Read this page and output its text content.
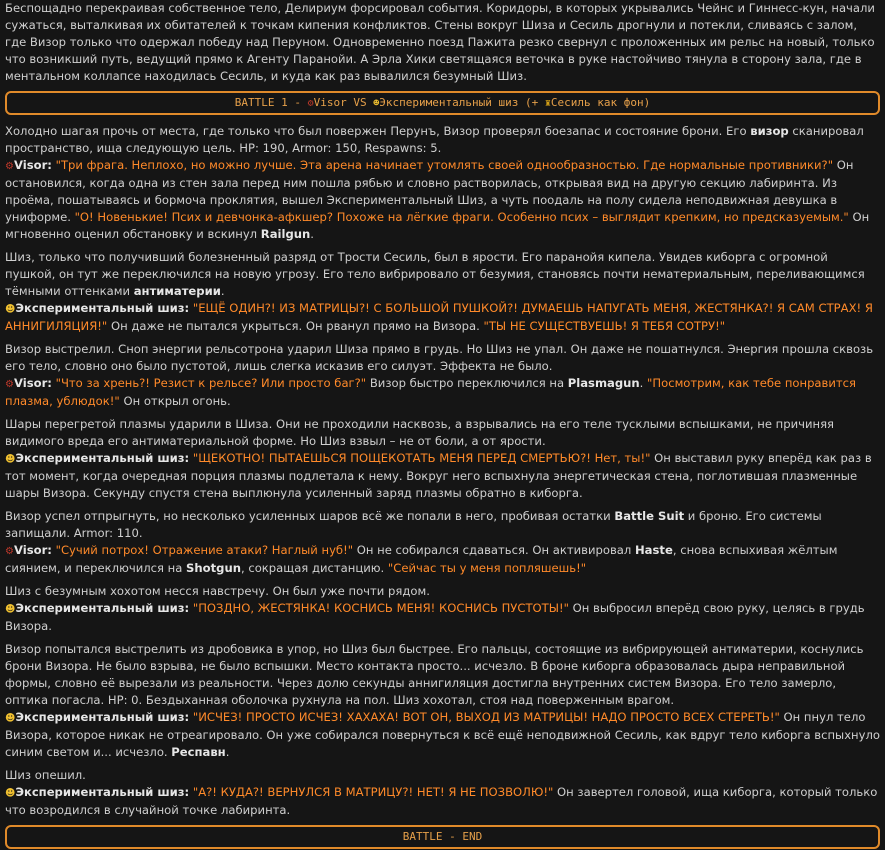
Беспощадно перекраивая собственное тело, Делириум форсировал события. Коридоры, в которых укрывались Чейнс и Гиннесс-кун, начали сужаться, выталкивая их обитателей к точкам кипения конфликтов. Стены вокруг Шиза и Сесиль дрогнули и потекли, сливаясь с залом, где Визор только что одержал победу над Перуном. Одновременно поезд Пажита резко свернул с проложенных им рельс на новый, только что возникший путь, ведущий прямо к Агенту Паранойи. А Эрла Хики светящаяся веточка в руке настойчиво тянула в сторону зала, где в ментальном коллапсе находилась Сесиль, и куда как раз вывалился безумный Шиз.

BATTLE 1 - ⚙Visor VS ☻Экспериментальный шиз (+ ♜Сесиль как фон)

Холодно шагая прочь от места, где только что был повержен Перунъ, Визор проверял боезапас и состояние брони. Его визор сканировал пространство, ища следующую цель. HP: 190, Armor: 150, Respawns: 5.
⚙Visor: "Три фрага. Неплохо, но можно лучше. Эта арена начинает утомлять своей однообразностью. Где нормальные противники?" Он остановился, когда одна из стен зала перед ним пошла рябью и словно растворилась, открывая вид на другую секцию лабиринта. Из проёма, пошатываясь и бормоча проклятия, вышел Экспериментальный Шиз, а чуть поодаль на полу сидела неподвижная девушка в униформе. "О! Новенькие! Псих и девчонка-афкшер? Похоже на лёгкие фраги. Особенно псих – выглядит крепким, но предсказуемым." Он мгновенно оценил обстановку и вскинул Railgun.

Шиз, только что получивший болезненный разряд от Трости Сесиль, был в ярости. Его паранойя кипела. Увидев киборга с огромной пушкой, он тут же переключился на новую угрозу. Его тело вибрировало от безумия, становясь почти нематериальным, переливающимся тёмными оттенками антиматерии.
☻Экспериментальный шиз: "ЕЩЁ ОДИН?! ИЗ МАТРИЦЫ?! С БОЛЬШОЙ ПУШКОЙ?! ДУМАЕШЬ НАПУГАТЬ МЕНЯ, ЖЕСТЯНКА?! Я САМ СТРАХ! Я АННИГИЛЯЦИЯ!" Он даже не пытался укрыться. Он рванул прямо на Визора. "ТЫ НЕ СУЩЕСТВУЕШЬ! Я ТЕБЯ СОТРУ!"

Визор выстрелил. Сноп энергии рельсотрона ударил Шиза прямо в грудь. Но Шиз не упал. Он даже не пошатнулся. Энергия прошла сквозь его тело, словно оно было пустотой, лишь слегка исказив его силуэт. Эффекта не было.
⚙Visor: "Что за хрень?! Резист к рельсе? Или просто баг?" Визор быстро переключился на Plasmagun. "Посмотрим, как тебе понравится плазма, ублюдок!" Он открыл огонь.

Шары перегретой плазмы ударили в Шиза. Они не проходили насквозь, а взрывались на его теле тусклыми вспышками, не причиняя видимого вреда его антиматериальной форме. Но Шиз взвыл – не от боли, а от ярости.
☻Экспериментальный шиз: "ЩЕКОТНО! ПЫТАЕШЬСЯ ПОЩЕКОТАТЬ МЕНЯ ПЕРЕД СМЕРТЬЮ?! Нет, ты!" Он выставил руку вперёд как раз в тот момент, когда очередная порция плазмы подлетала к нему. Вокруг него вспыхнула энергетическая стена, поглотившая плазменные шары Визора. Секунду спустя стена выплюнула усиленный заряд плазмы обратно в киборга.

Визор успел отпрыгнуть, но несколько усиленных шаров всё же попали в него, пробивая остатки Battle Suit и броню. Его системы запищали. Armor: 110.
⚙Visor: "Сучий потрох! Отражение атаки? Наглый нуб!" Он не собирался сдаваться. Он активировал Haste, снова вспыхивая жёлтым сиянием, и переключился на Shotgun, сокращая дистанцию. "Сейчас ты у меня попляшешь!"

Шиз с безумным хохотом несся навстречу. Он был уже почти рядом.
☻Экспериментальный шиз: "ПОЗДНО, ЖЕСТЯНКА! КОСНИСЬ МЕНЯ! КОСНИСЬ ПУСТОТЫ!" Он выбросил вперёд свою руку, целясь в грудь Визора.

Визор попытался выстрелить из дробовика в упор, но Шиз был быстрее. Его пальцы, состоящие из вибрирующей антиматерии, коснулись брони Визора. Не было взрыва, не было вспышки. Место контакта просто... исчезло. В броне киборга образовалась дыра неправильной формы, словно её вырезали из реальности. Через долю секунды аннигиляция достигла внутренних систем Визора. Его тело замерло, оптика погасла. HP: 0. Бездыханная оболочка рухнула на пол. Шиз хохотал, стоя над поверженным врагом.
☻Экспериментальный шиз: "ИСЧЕЗ! ПРОСТО ИСЧЕЗ! ХАХАХА! ВОТ ОН, ВЫХОД ИЗ МАТРИЦЫ! НАДО ПРОСТО ВСЕХ СТЕРЕТЬ!" Он пнул тело Визора, которое никак не отреагировало. Он уже собирался повернуться к всё ещё неподвижной Сесиль, как вдруг тело киборга вспыхнуло синим светом и... исчезло. Респавн.

Шиз опешил.
☻Экспериментальный шиз: "А?! КУДА?! ВЕРНУЛСЯ В МАТРИЦУ?! НЕТ! Я НЕ ПОЗВОЛЮ!" Он завертел головой, ища киборга, который только что возродился в случайной точке лабиринта.

BATTLE - END
